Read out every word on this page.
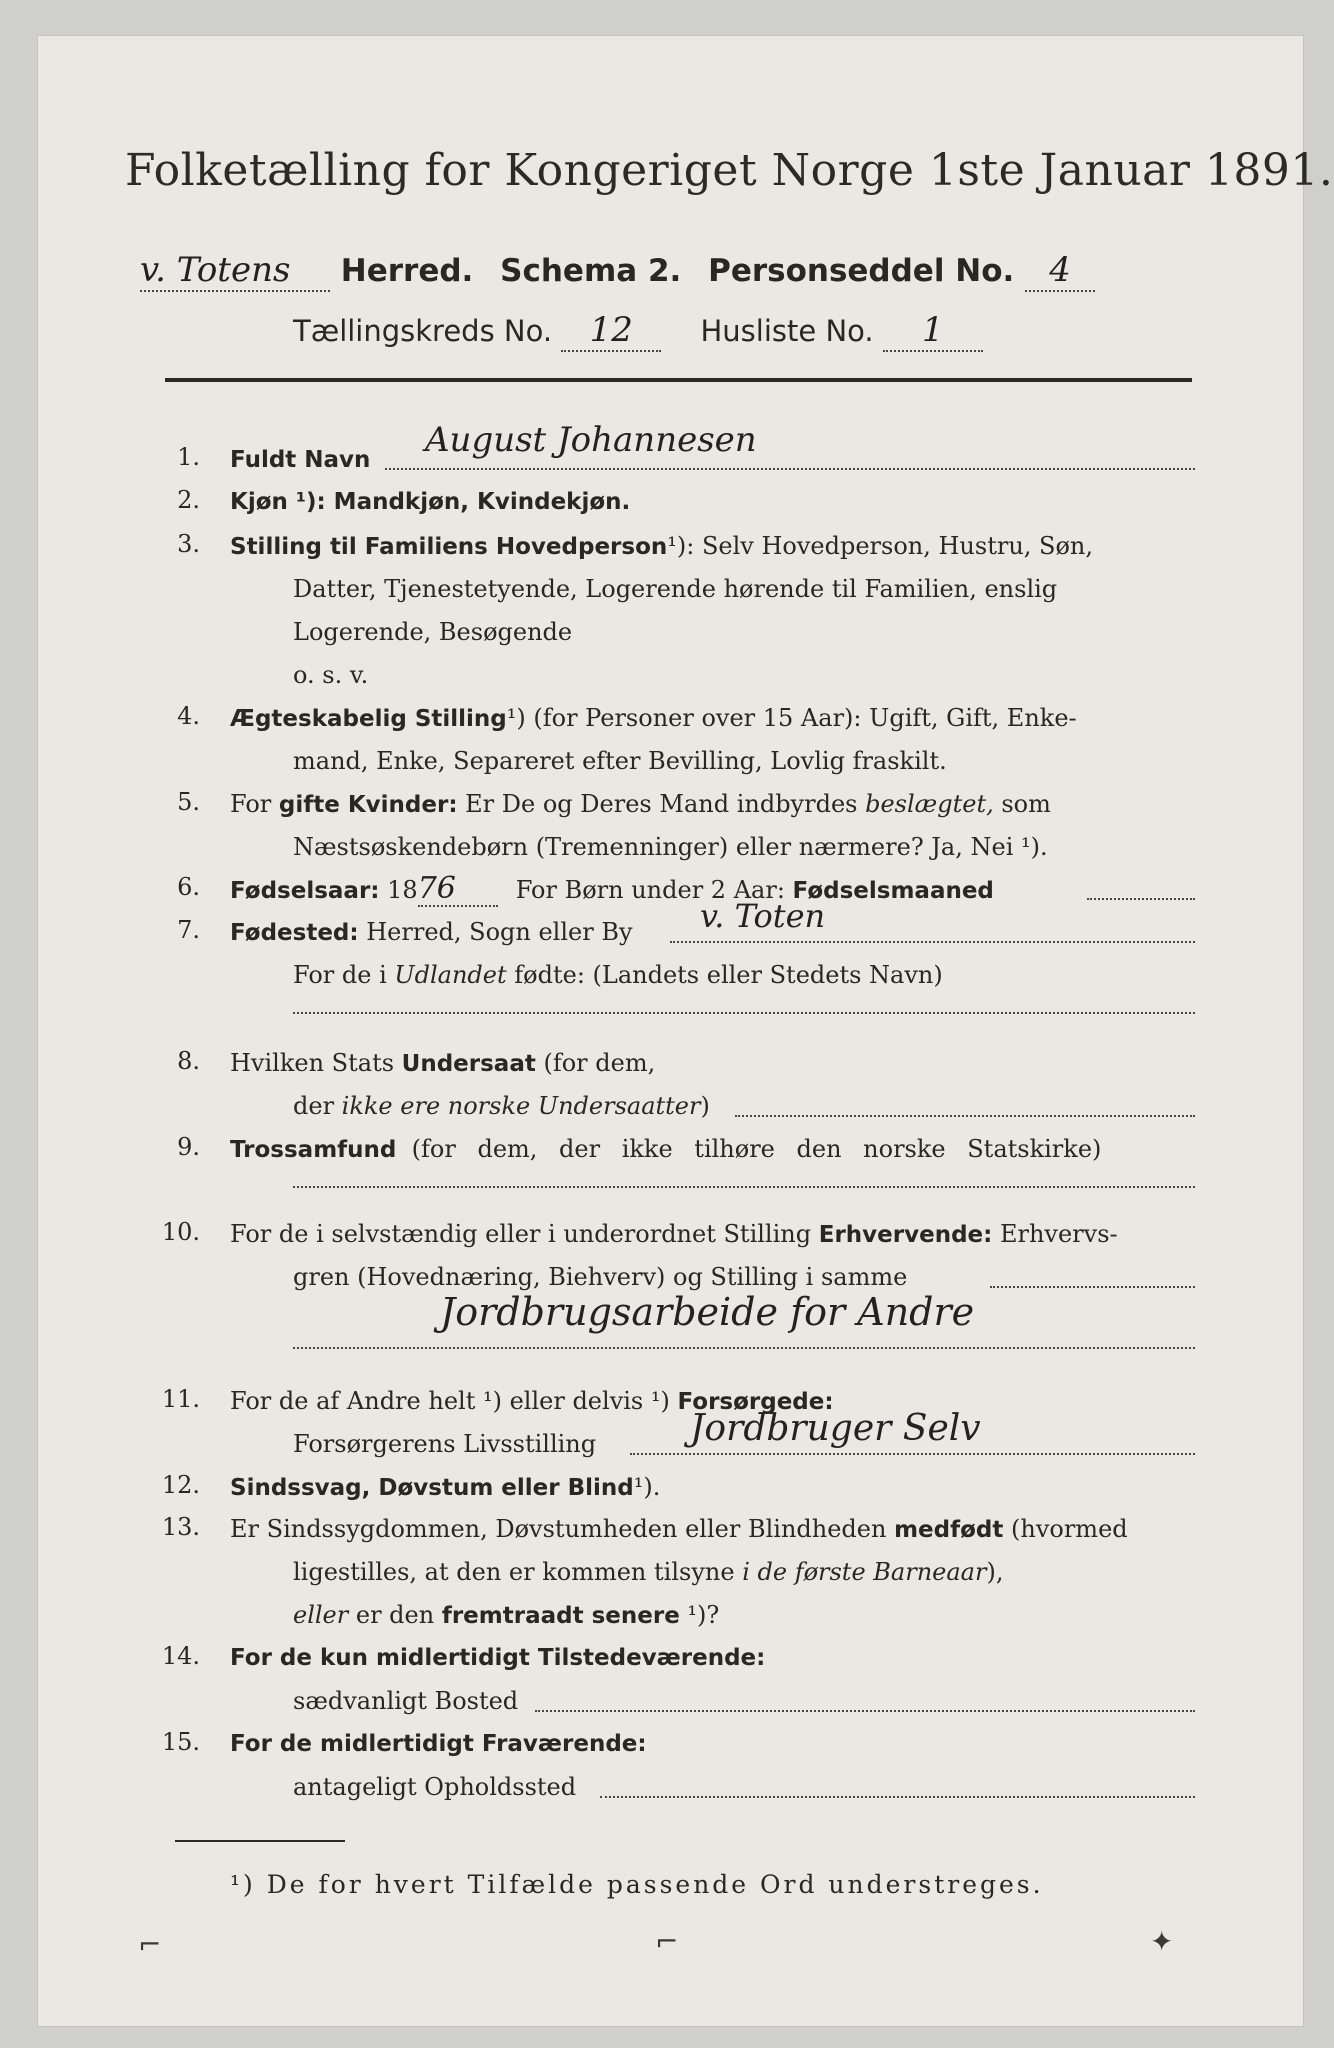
Folketælling for Kongeriget Norge 1ste Januar 1891.
v. Totens Herred. Schema 2. Personseddel No. 4
Tællingskreds No. 12 Husliste No. 1
1. Fuldt Navn August Johannesen
2. Kjøn ¹): Mandkjøn, Kvindekjøn.
3. Stilling til Familiens Hovedperson¹): Selv Hovedperson, Hustru, Søn,
Datter, Tjenestetyende, Logerende hørende til Familien, enslig
Logerende, Besøgende
o. s. v.
4. Ægteskabelig Stilling¹) (for Personer over 15 Aar): Ugift, Gift, Enke-
mand, Enke, Separeret efter Bevilling, Lovlig fraskilt.
5. For gifte Kvinder: Er De og Deres Mand indbyrdes beslægtet, som
Næstsøskendebørn (Tremenninger) eller nærmere? Ja, Nei ¹).
6. Fødselsaar: 1876 For Børn under 2 Aar: Fødselsmaaned
7. Fødested: Herred, Sogn eller By v. Toten
For de i Udlandet fødte: (Landets eller Stedets Navn)
8. Hvilken Stats Undersaat (for dem,
der ikke ere norske Undersaatter)
9. Trossamfund (for dem, der ikke tilhøre den norske Statskirke)
10. For de i selvstændig eller i underordnet Stilling Erhvervende: Erhvervs-
gren (Hovednæring, Biehverv) og Stilling i samme
Jordbrugsarbeide for Andre
11. For de af Andre helt ¹) eller delvis ¹) Forsørgede:
Forsørgerens Livsstilling	Jordbruger Selv
12. Sindssvag, Døvstum eller Blind¹).
13. Er Sindssygdommen, Døvstumheden eller Blindheden medfødt (hvormed
ligestilles, at den er kommen tilsyne i de første Barneaar),
eller er den fremtraadt senere ¹)?
14. For de kun midlertidigt Tilstedeværende:
sædvanligt Bosted
15. For de midlertidigt Fraværende:
antageligt Opholdssted
¹) De for hvert Tilfælde passende Ord understreges.
⌐	⌐	✦
